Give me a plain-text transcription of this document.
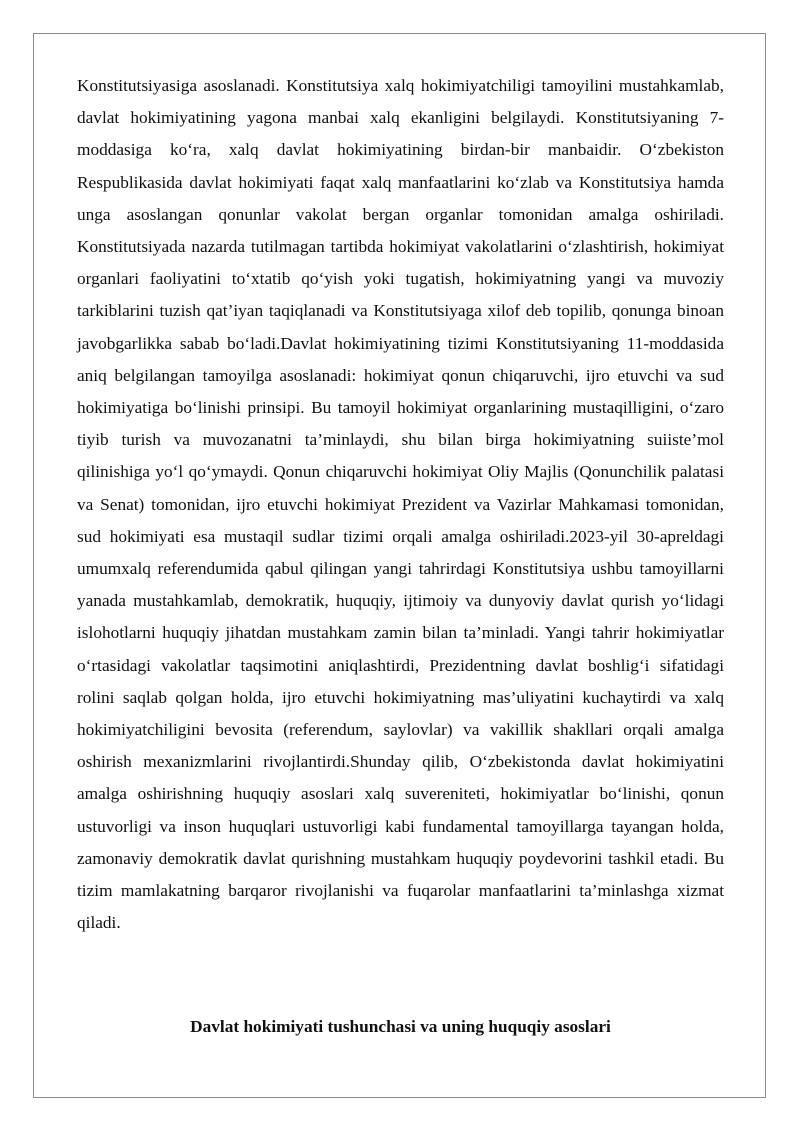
Konstitutsiyasiga asoslanadi. Konstitutsiya xalq hokimiyatchiligi tamoyilini mustahkamlab, davlat hokimiyatining yagona manbai xalq ekanligini belgilaydi. Konstitutsiyaning 7-moddasiga ko‘ra, xalq davlat hokimiyatining birdan-bir manbaidir. O‘zbekiston Respublikasida davlat hokimiyati faqat xalq manfaatlarini ko‘zlab va Konstitutsiya hamda unga asoslangan qonunlar vakolat bergan organlar tomonidan amalga oshiriladi. Konstitutsiyada nazarda tutilmagan tartibda hokimiyat vakolatlarini o‘zlashtirish, hokimiyat organlari faoliyatini to‘xtatib qo‘yish yoki tugatish, hokimiyatning yangi va muvoziy tarkiblarini tuzish qat’iyan taqiqlanadi va Konstitutsiyaga xilof deb topilib, qonunga binoan javobgarlikka sabab bo‘ladi.Davlat hokimiyatining tizimi Konstitutsiyaning 11-moddasida aniq belgilangan tamoyilga asoslanadi: hokimiyat qonun chiqaruvchi, ijro etuvchi va sud hokimiyatiga bo‘linishi prinsipi. Bu tamoyil hokimiyat organlarining mustaqilligini, o‘zaro tiyib turish va muvozanatni ta’minlaydi, shu bilan birga hokimiyatning suiiste’mol qilinishiga yo‘l qo‘ymaydi. Qonun chiqaruvchi hokimiyat Oliy Majlis (Qonunchilik palatasi va Senat) tomonidan, ijro etuvchi hokimiyat Prezident va Vazirlar Mahkamasi tomonidan, sud hokimiyati esa mustaqil sudlar tizimi orqali amalga oshiriladi.2023-yil 30-apreldagi umumxalq referendumida qabul qilingan yangi tahrirdagi Konstitutsiya ushbu tamoyillarni yanada mustahkamlab, demokratik, huquqiy, ijtimoiy va dunyoviy davlat qurish yo‘lidagi islohotlarni huquqiy jihatdan mustahkam zamin bilan ta’minladi. Yangi tahrir hokimiyatlar o‘rtasidagi vakolatlar taqsimotini aniqlashtirdi, Prezidentning davlat boshlig‘i sifatidagi rolini saqlab qolgan holda, ijro etuvchi hokimiyatning mas’uliyatini kuchaytirdi va xalq hokimiyatchiligini bevosita (referendum, saylovlar) va vakillik shakllari orqali amalga oshirish mexanizmlarini rivojlantirdi.Shunday qilib, O‘zbekistonda davlat hokimiyatini amalga oshirishning huquqiy asoslari xalq suvereniteti, hokimiyatlar bo‘linishi, qonun ustuvorligi va inson huquqlari ustuvorligi kabi fundamental tamoyillarga tayangan holda, zamonaviy demokratik davlat qurishning mustahkam huquqiy poydevorini tashkil etadi. Bu tizim mamlakatning barqaror rivojlanishi va fuqarolar manfaatlarini ta’minlashga xizmat qiladi.

Davlat hokimiyati tushunchasi va uning huquqiy asoslari
